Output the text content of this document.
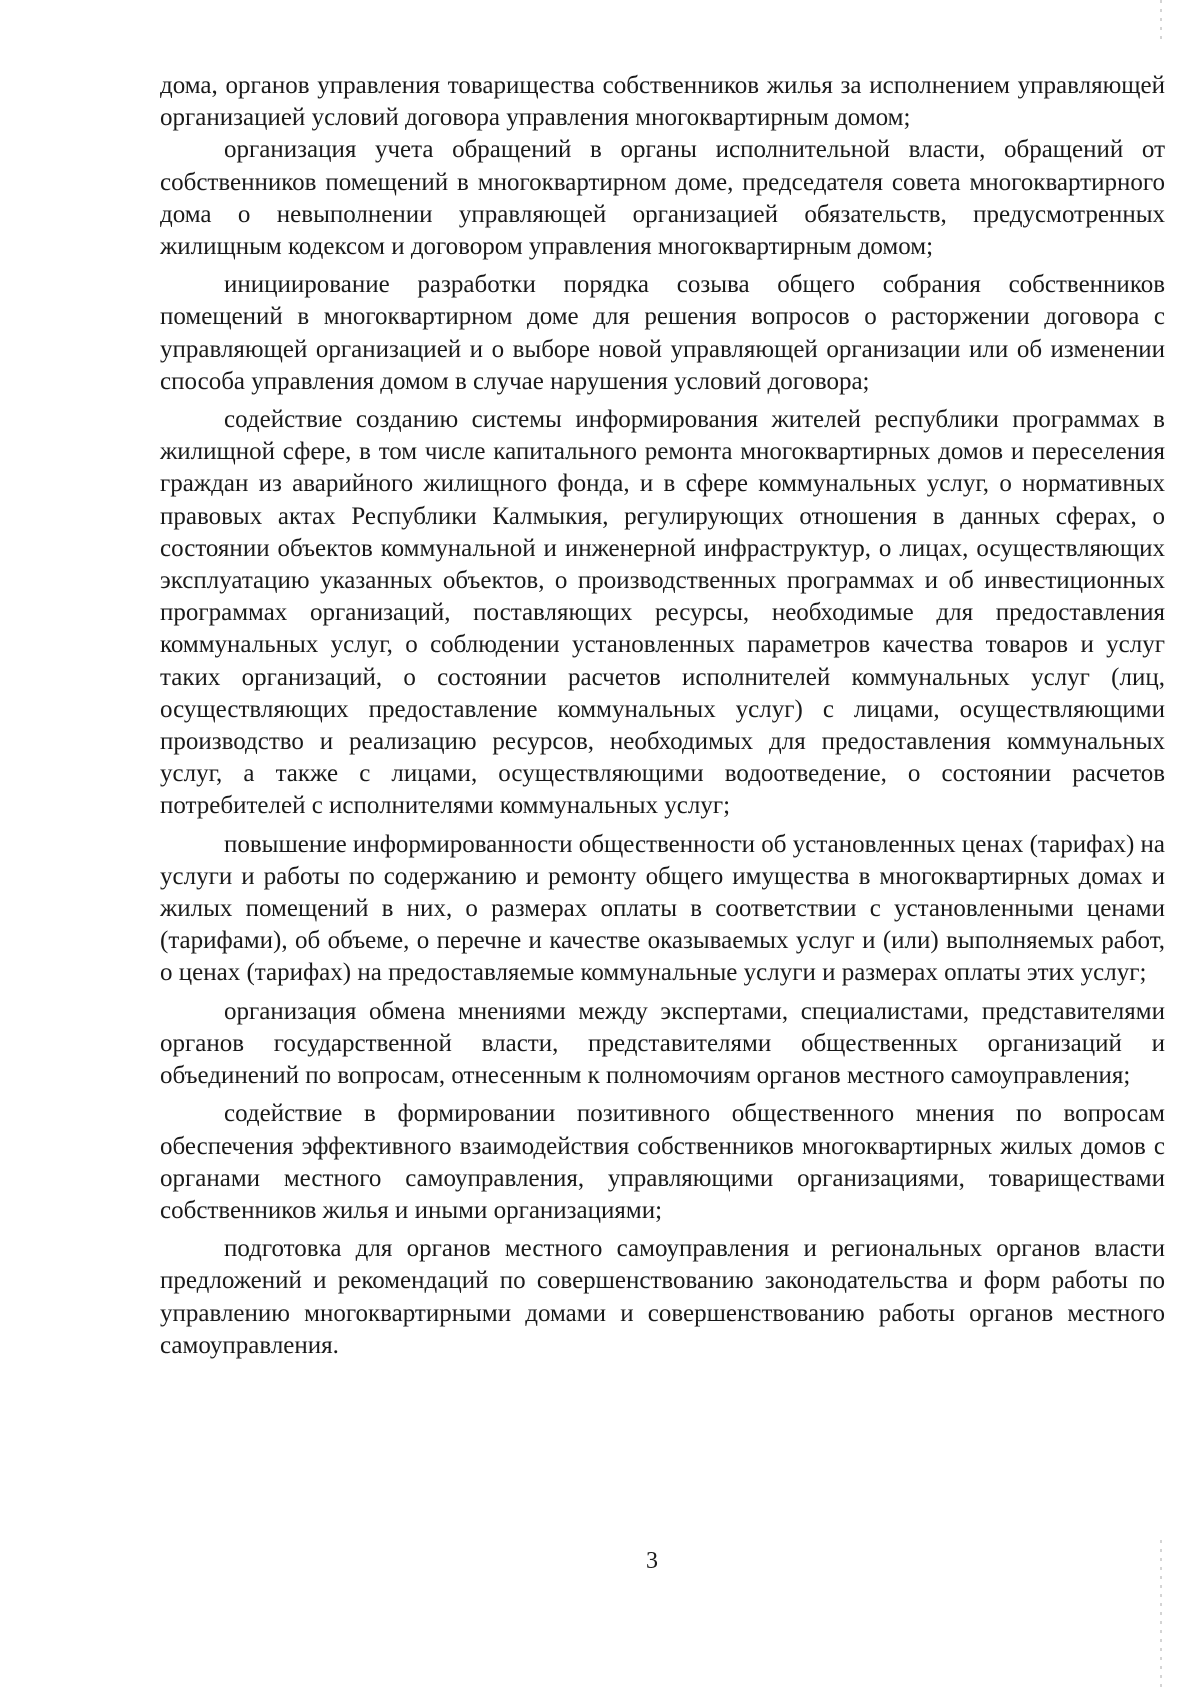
дома, органов управления товарищества собственников жилья за исполнением управляющей организацией условий договора управления многоквартирным домом;

организация учета обращений в органы исполнительной власти, обращений от собственников помещений в многоквартирном доме, председателя совета многоквартирного дома о невыполнении управляющей организацией обязательств, предусмотренных жилищным кодексом и договором управления многоквартирным домом;

инициирование разработки порядка созыва общего собрания собственников помещений в многоквартирном доме для решения вопросов о расторжении договора с управляющей организацией и о выборе новой управляющей организации или об изменении способа управления домом в случае нарушения условий договора;

содействие созданию системы информирования жителей республики программах в жилищной сфере, в том числе капитального ремонта многоквартирных домов и переселения граждан из аварийного жилищного фонда, и в сфере коммунальных услуг, о нормативных правовых актах Республики Калмыкия, регулирующих отношения в данных сферах, о состоянии объектов коммунальной и инженерной инфраструктур, о лицах, осуществляющих эксплуатацию указанных объектов, о производственных программах и об инвестиционных программах организаций, поставляющих ресурсы, необходимые для предоставления коммунальных услуг, о соблюдении установленных параметров качества товаров и услуг таких организаций, о состоянии расчетов исполнителей коммунальных услуг (лиц, осуществляющих предоставление коммунальных услуг) с лицами, осуществляющими производство и реализацию ресурсов, необходимых для предоставления коммунальных услуг, а также с лицами, осуществляющими водоотведение, о состоянии расчетов потребителей с исполнителями коммунальных услуг;

повышение информированности общественности об установленных ценах (тарифах) на услуги и работы по содержанию и ремонту общего имущества в многоквартирных домах и жилых помещений в них, о размерах оплаты в соответствии с установленными ценами (тарифами), об объеме, о перечне и качестве оказываемых услуг и (или) выполняемых работ, о ценах (тарифах) на предоставляемые коммунальные услуги и размерах оплаты этих услуг;

организация обмена мнениями между экспертами, специалистами, представителями органов государственной власти, представителями общественных организаций и объединений по вопросам, отнесенным к полномочиям органов местного самоуправления;

содействие в формировании позитивного общественного мнения по вопросам обеспечения эффективного взаимодействия собственников многоквартирных жилых домов с органами местного самоуправления, управляющими организациями, товариществами собственников жилья и иными организациями;

подготовка для органов местного самоуправления и региональных органов власти предложений и рекомендаций по совершенствованию законодательства и форм работы по управлению многоквартирными домами и совершенствованию работы органов местного самоуправления.

3
